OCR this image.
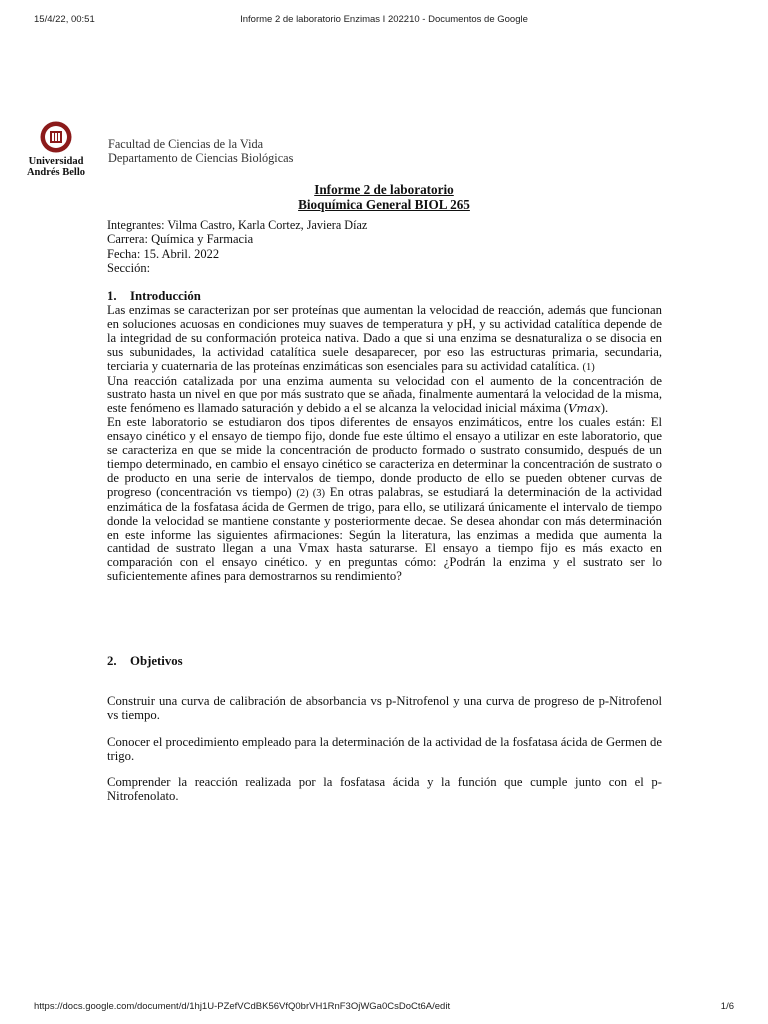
15/4/22, 00:51	Informe 2 de laboratorio Enzimas I 202210 - Documentos de Google
Universidad
Andrés Bello
Facultad de Ciencias de la Vida
Departamento de Ciencias Biológicas
Informe 2 de laboratorio
Bioquímica General BIOL 265
Integrantes: Vilma Castro, Karla Cortez, Javiera Díaz
Carrera: Química y Farmacia
Fecha: 15. Abril. 2022
Sección:
1. Introducción

Las enzimas se caracterizan por ser proteínas que aumentan la velocidad de reacción, además que funcionan en soluciones acuosas en condiciones muy suaves de temperatura y pH, y su actividad catalítica depende de la integridad de su conformación proteica nativa. Dado a que si una enzima se desnaturaliza o se disocia en sus subunidades, la actividad catalítica suele desaparecer, por eso las estructuras primaria, secundaria, terciaria y cuaternaria de las proteínas enzimáticas son esenciales para su actividad catalítica. (1)

Una reacción catalizada por una enzima aumenta su velocidad con el aumento de la concentración de sustrato hasta un nivel en que por más sustrato que se añada, finalmente aumentará la velocidad de la misma, este fenómeno es llamado saturación y debido a el se alcanza la velocidad inicial máxima (Vmax).

En este laboratorio se estudiaron dos tipos diferentes de ensayos enzimáticos, entre los cuales están: El ensayo cinético y el ensayo de tiempo fijo, donde fue este último el ensayo a utilizar en este laboratorio, que se caracteriza en que se mide la concentración de producto formado o sustrato consumido, después de un tiempo determinado, en cambio el ensayo cinético se caracteriza en determinar la concentración de sustrato o de producto en una serie de intervalos de tiempo, donde producto de ello se pueden obtener curvas de progreso (concentración vs tiempo) (2) (3) En otras palabras, se estudiará la determinación de la actividad enzimática de la fosfatasa ácida de Germen de trigo, para ello, se utilizará únicamente el intervalo de tiempo donde la velocidad se mantiene constante y posteriormente decae. Se desea ahondar con más determinación en este informe las siguientes afirmaciones: Según la literatura, las enzimas a medida que aumenta la cantidad de sustrato llegan a una Vmax hasta saturarse. El ensayo a tiempo fijo es más exacto en comparación con el ensayo cinético. y en preguntas cómo: ¿Podrán la enzima y el sustrato ser lo suficientemente afines para demostrarnos su rendimiento?

2. Objetivos
Construir una curva de calibración de absorbancia vs p-Nitrofenol y una curva de progreso de p-Nitrofenol vs tiempo.
Conocer el procedimiento empleado para la determinación de la actividad de la fosfatasa ácida de Germen de trigo.
Comprender la reacción realizada por la fosfatasa ácida y la función que cumple junto con el p-Nitrofenolato.
https://docs.google.com/document/d/1hj1U-PZefVCdBK56VfQ0brVH1RnF3OjWGa0CsDoCt6A/edit	1/6
